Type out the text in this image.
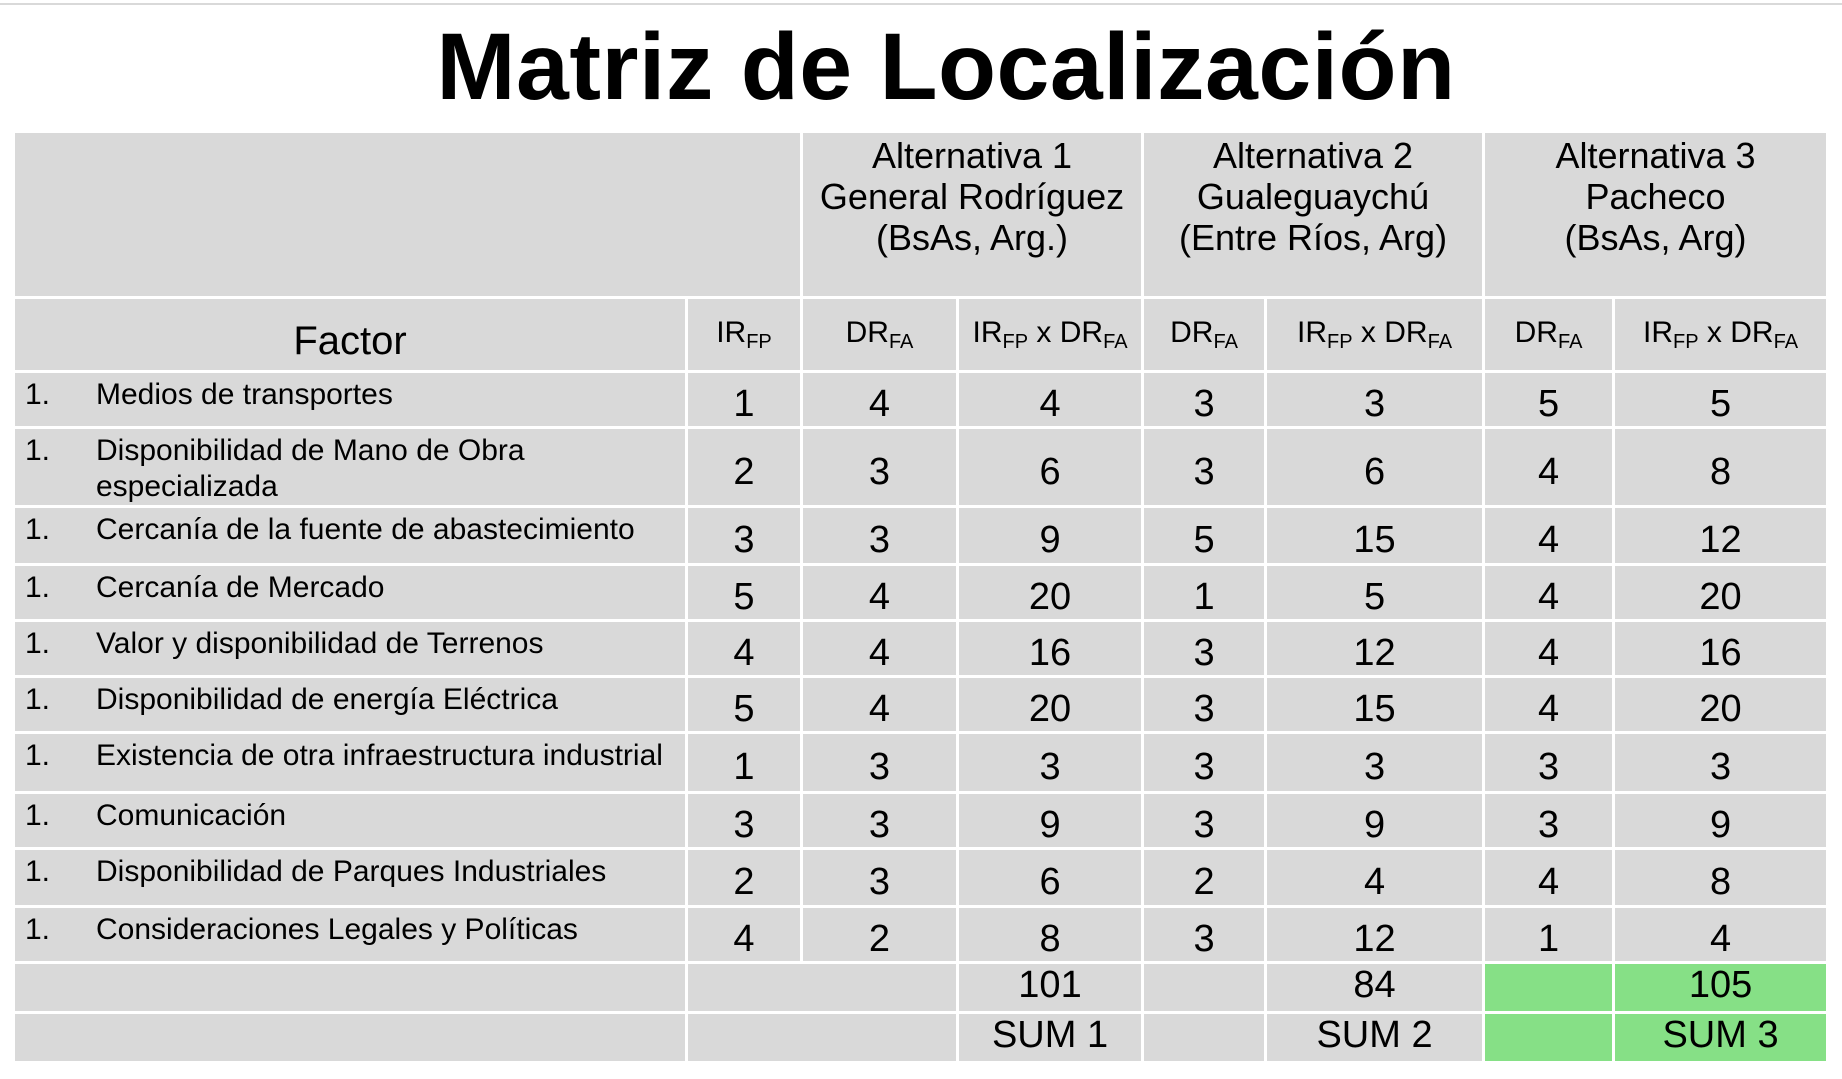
Matriz de Localización

		Alternativa 1
General Rodríguez
(BsAs, Arg.)		Alternativa 2
Gualeguaychú
(Entre Ríos, Arg)		Alternativa 3
Pacheco
(BsAs, Arg)	

Factor	$IR_{FP}$	$DR_{FA}$	$IR_{FP}$ x $DR_{FA}$	$DR_{FA}$	$IR_{FP}$ x $DR_{FA}$	$DR_{FA}$	$IR_{FP}$ x $DR_{FA}$

1. Medios de transportes	1	4	4	3	3	5	5

1. Disponibilidad de Mano de Obra especializada	2	3	6	3	6	4	8

1. Cercanía de la fuente de abastecimiento	3	3	9	5	15	4	12

1. Cercanía de Mercado	5	4	20	1	5	4	20

1. Valor y disponibilidad de Terrenos	4	4	16	3	12	4	16

1. Disponibilidad de energía Eléctrica	5	4	20	3	15	4	20

1. Existencia de otra infraestructura industrial	1	3	3	3	3	3	3

1. Comunicación	3	3	9	3	9	3	9

1. Disponibilidad de Parques Industriales	2	3	6	2	4	4	8

1. Consideraciones Legales y Políticas	4	2	8	3	12	1	4
			101		84		105
			SUM 1		SUM 2		SUM 3
